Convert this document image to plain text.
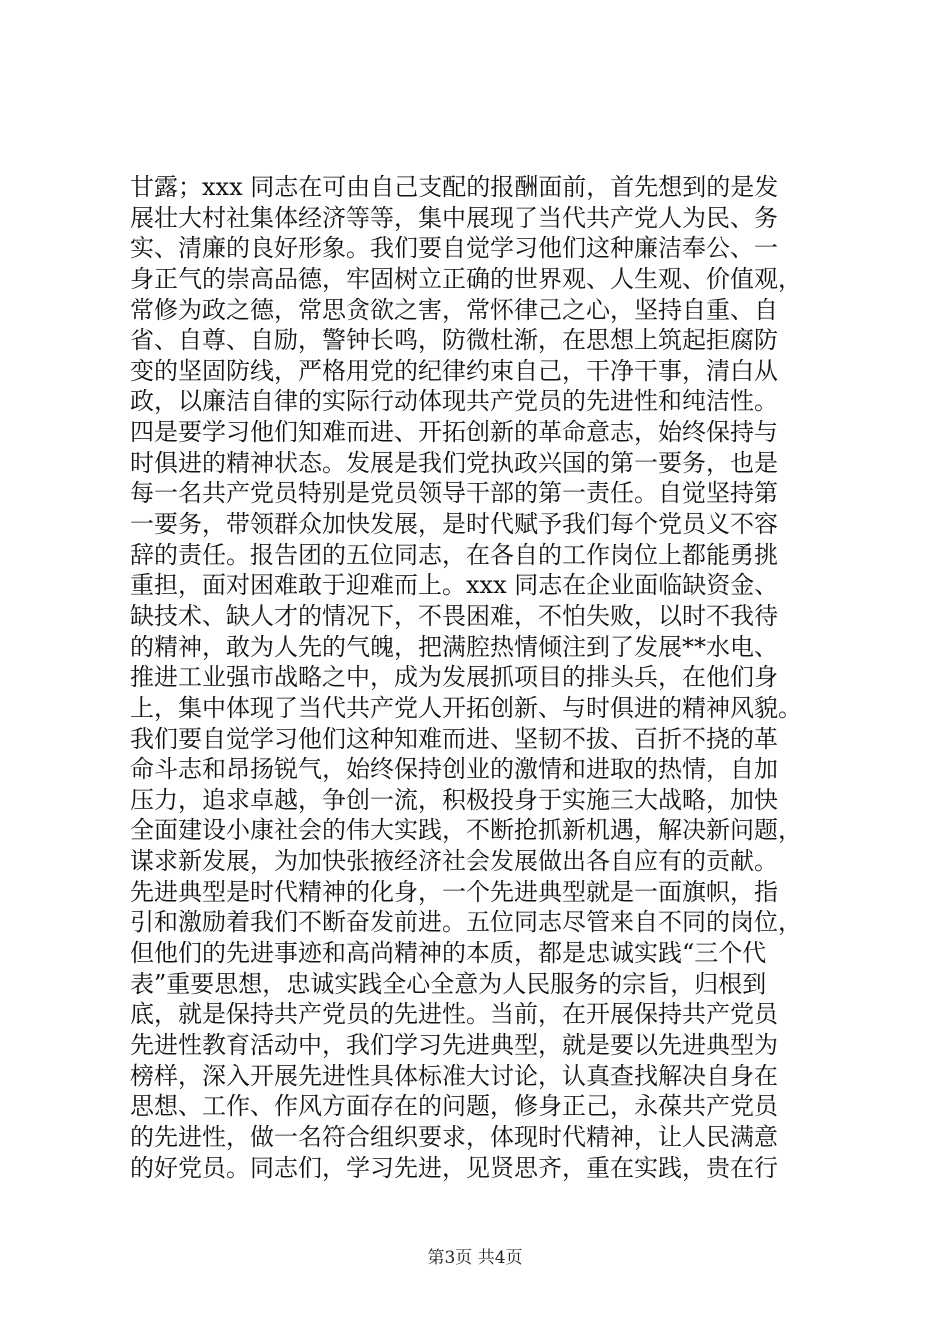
甘露；xxx 同志在可由自己支配的报酬面前，首先想到的是发
展壮大村社集体经济等等，集中展现了当代共产党人为民、务
实、清廉的良好形象。我们要自觉学习他们这种廉洁奉公、一
身正气的崇高品德，牢固树立正确的世界观、人生观、价值观，
常修为政之德，常思贪欲之害，常怀律己之心，坚持自重、自
省、自尊、自励，警钟长鸣，防微杜渐，在思想上筑起拒腐防
变的坚固防线，严格用党的纪律约束自己，干净干事，清白从
政，以廉洁自律的实际行动体现共产党员的先进性和纯洁性。
四是要学习他们知难而进、开拓创新的革命意志，始终保持与
时俱进的精神状态。发展是我们党执政兴国的第一要务，也是
每一名共产党员特别是党员领导干部的第一责任。自觉坚持第
一要务，带领群众加快发展，是时代赋予我们每个党员义不容
辞的责任。报告团的五位同志，在各自的工作岗位上都能勇挑
重担，面对困难敢于迎难而上。xxx 同志在企业面临缺资金、
缺技术、缺人才的情况下，不畏困难，不怕失败，以时不我待
的精神，敢为人先的气魄，把满腔热情倾注到了发展**水电、
推进工业强市战略之中，成为发展抓项目的排头兵，在他们身
上，集中体现了当代共产党人开拓创新、与时俱进的精神风貌。
我们要自觉学习他们这种知难而进、坚韧不拔、百折不挠的革
命斗志和昂扬锐气，始终保持创业的激情和进取的热情，自加
压力，追求卓越，争创一流，积极投身于实施三大战略，加快
全面建设小康社会的伟大实践，不断抢抓新机遇，解决新问题，
谋求新发展，为加快张掖经济社会发展做出各自应有的贡献。
先进典型是时代精神的化身，一个先进典型就是一面旗帜，指
引和激励着我们不断奋发前进。五位同志尽管来自不同的岗位，
但他们的先进事迹和高尚精神的本质，都是忠诚实践“三个代
表”重要思想，忠诚实践全心全意为人民服务的宗旨，归根到
底，就是保持共产党员的先进性。当前，在开展保持共产党员
先进性教育活动中，我们学习先进典型，就是要以先进典型为
榜样，深入开展先进性具体标准大讨论，认真查找解决自身在
思想、工作、作风方面存在的问题，修身正己，永葆共产党员
的先进性，做一名符合组织要求，体现时代精神，让人民满意
的好党员。同志们，学习先进，见贤思齐，重在实践，贵在行
第3页 共4页
